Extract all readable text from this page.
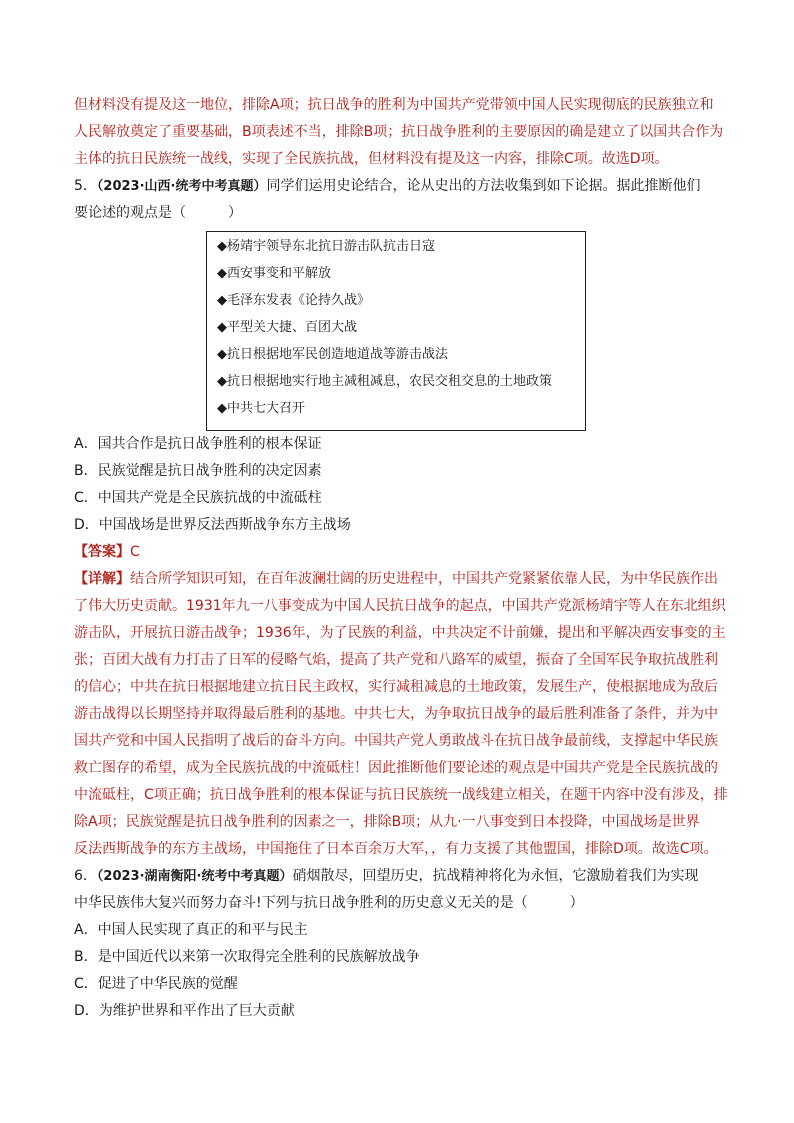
但材料没有提及这一地位，排除A项；抗日战争的胜利为中国共产党带领中国人民实现彻底的民族独立和
人民解放奠定了重要基础，B项表述不当，排除B项；抗日战争胜利的主要原因的确是建立了以国共合作为
主体的抗日民族统一战线，实现了全民族抗战，但材料没有提及这一内容，排除C项。故选D项。
5．（2023·山西·统考中考真题）同学们运用史论结合，论从史出的方法收集到如下论据。据此推断他们
要论述的观点是（　　　）
◆杨靖宇领导东北抗日游击队抗击日寇
◆西安事变和平解放
◆毛泽东发表《论持久战》
◆平型关大捷、百团大战
◆抗日根据地军民创造地道战等游击战法
◆抗日根据地实行地主减租减息，农民交租交息的土地政策
◆中共七大召开
A．国共合作是抗日战争胜利的根本保证
B．民族觉醒是抗日战争胜利的决定因素
C．中国共产党是全民族抗战的中流砥柱
D．中国战场是世界反法西斯战争东方主战场
【答案】C
【详解】结合所学知识可知，在百年波澜壮阔的历史进程中，中国共产党紧紧依靠人民，为中华民族作出
了伟大历史贡献。1931年九一八事变成为中国人民抗日战争的起点，中国共产党派杨靖宇等人在东北组织
游击队，开展抗日游击战争；1936年，为了民族的利益，中共决定不计前嫌，提出和平解决西安事变的主
张；百团大战有力打击了日军的侵略气焰，提高了共产党和八路军的威望，振奋了全国军民争取抗战胜利
的信心；中共在抗日根据地建立抗日民主政权，实行减租减息的土地政策，发展生产，使根据地成为敌后
游击战得以长期坚持并取得最后胜利的基地。中共七大，为争取抗日战争的最后胜利准备了条件，并为中
国共产党和中国人民指明了战后的奋斗方向。中国共产党人勇敢战斗在抗日战争最前线，支撑起中华民族
救亡图存的希望，成为全民族抗战的中流砥柱！因此推断他们要论述的观点是中国共产党是全民族抗战的
中流砥柱，C项正确；抗日战争胜利的根本保证与抗日民族统一战线建立相关，在题干内容中没有涉及，排
除A项；民族觉醒是抗日战争胜利的因素之一，排除B项；从九·一八事变到日本投降，中国战场是世界
反法西斯战争的东方主战场，中国拖住了日本百余万大军，，有力支援了其他盟国，排除D项。故选C项。
6．（2023·湖南衡阳·统考中考真题）硝烟散尽，回望历史，抗战精神将化为永恒，它激励着我们为实现
中华民族伟大复兴而努力奋斗!下列与抗日战争胜利的历史意义无关的是（　　　）
A．中国人民实现了真正的和平与民主
B．是中国近代以来第一次取得完全胜利的民族解放战争
C．促进了中华民族的觉醒
D．为维护世界和平作出了巨大贡献
